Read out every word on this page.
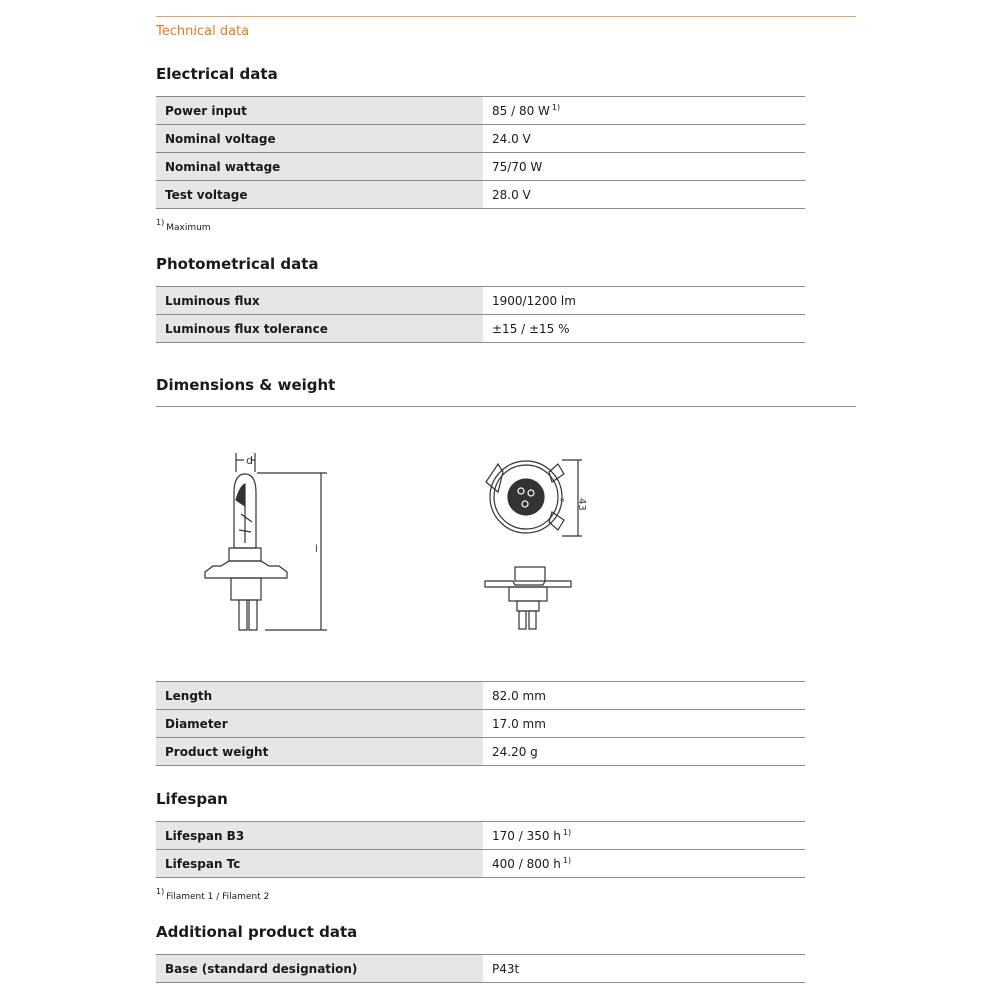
Technical data
Electrical data
Power input	85 / 80 W $^{1)}$
Nominal voltage	24.0 V
Nominal wattage	75/70 W
Test voltage	28.0 V
$^{1)}$Maximum
Photometrical data
Luminous flux	1900/1200 lm
Luminous flux tolerance	±15 / ±15 %
Dimensions & weight
d
l
α 43
Length	82.0 mm
Diameter	17.0 mm
Product weight	24.20 g
Lifespan
Lifespan B3	170 / 350 h $^{1)}$
Lifespan Tc	400 / 800 h $^{1)}$
$^{1)}$Filament 1 / Filament 2
Additional product data
Base (standard designation)	P43t
